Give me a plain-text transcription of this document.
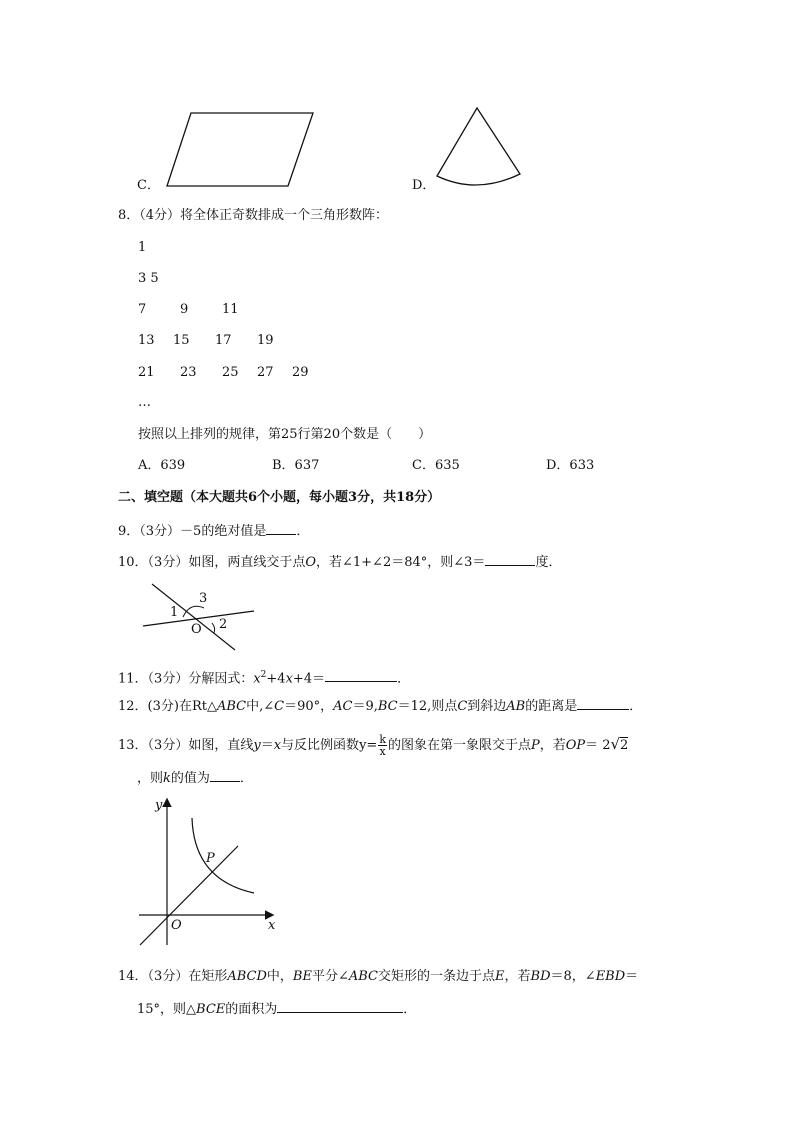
C．	D．
8．（4分）将全体正奇数排成一个三角形数阵：
1
3 5
7	9	11
13 15 17 19
21 23 25 27 29
…
按照以上排列的规律，第25行第20个数是（　　）
A．639	B．637	C．635	D．633
二、填空题（本大题共6个小题，每小题3分，共18分）
9．（3分）－5的绝对值是 ．
10．（3分）如图，两直线交于点O，若∠1+∠2＝84°，则∠3＝	度．
1
3
2
O
11．（3分）分解因式：$x^2+4x+4=$	．
12．(3分)在Rt△ABC中,∠C＝90°，AC＝9,BC＝12,则点C到斜边AB的距离是	．
13．（3分）如图，直线y＝x与反比例函数$y= \frac{k}{x}$ 的图象在第一象限交于点P，若OP＝ 2√2
，则k的值为 ．
y
x
O
P
14．（3分）在矩形ABCD中，BE平分∠ABC交矩形的一条边于点E，若BD＝8，∠EBD＝
15°，则△BCE的面积为	．
